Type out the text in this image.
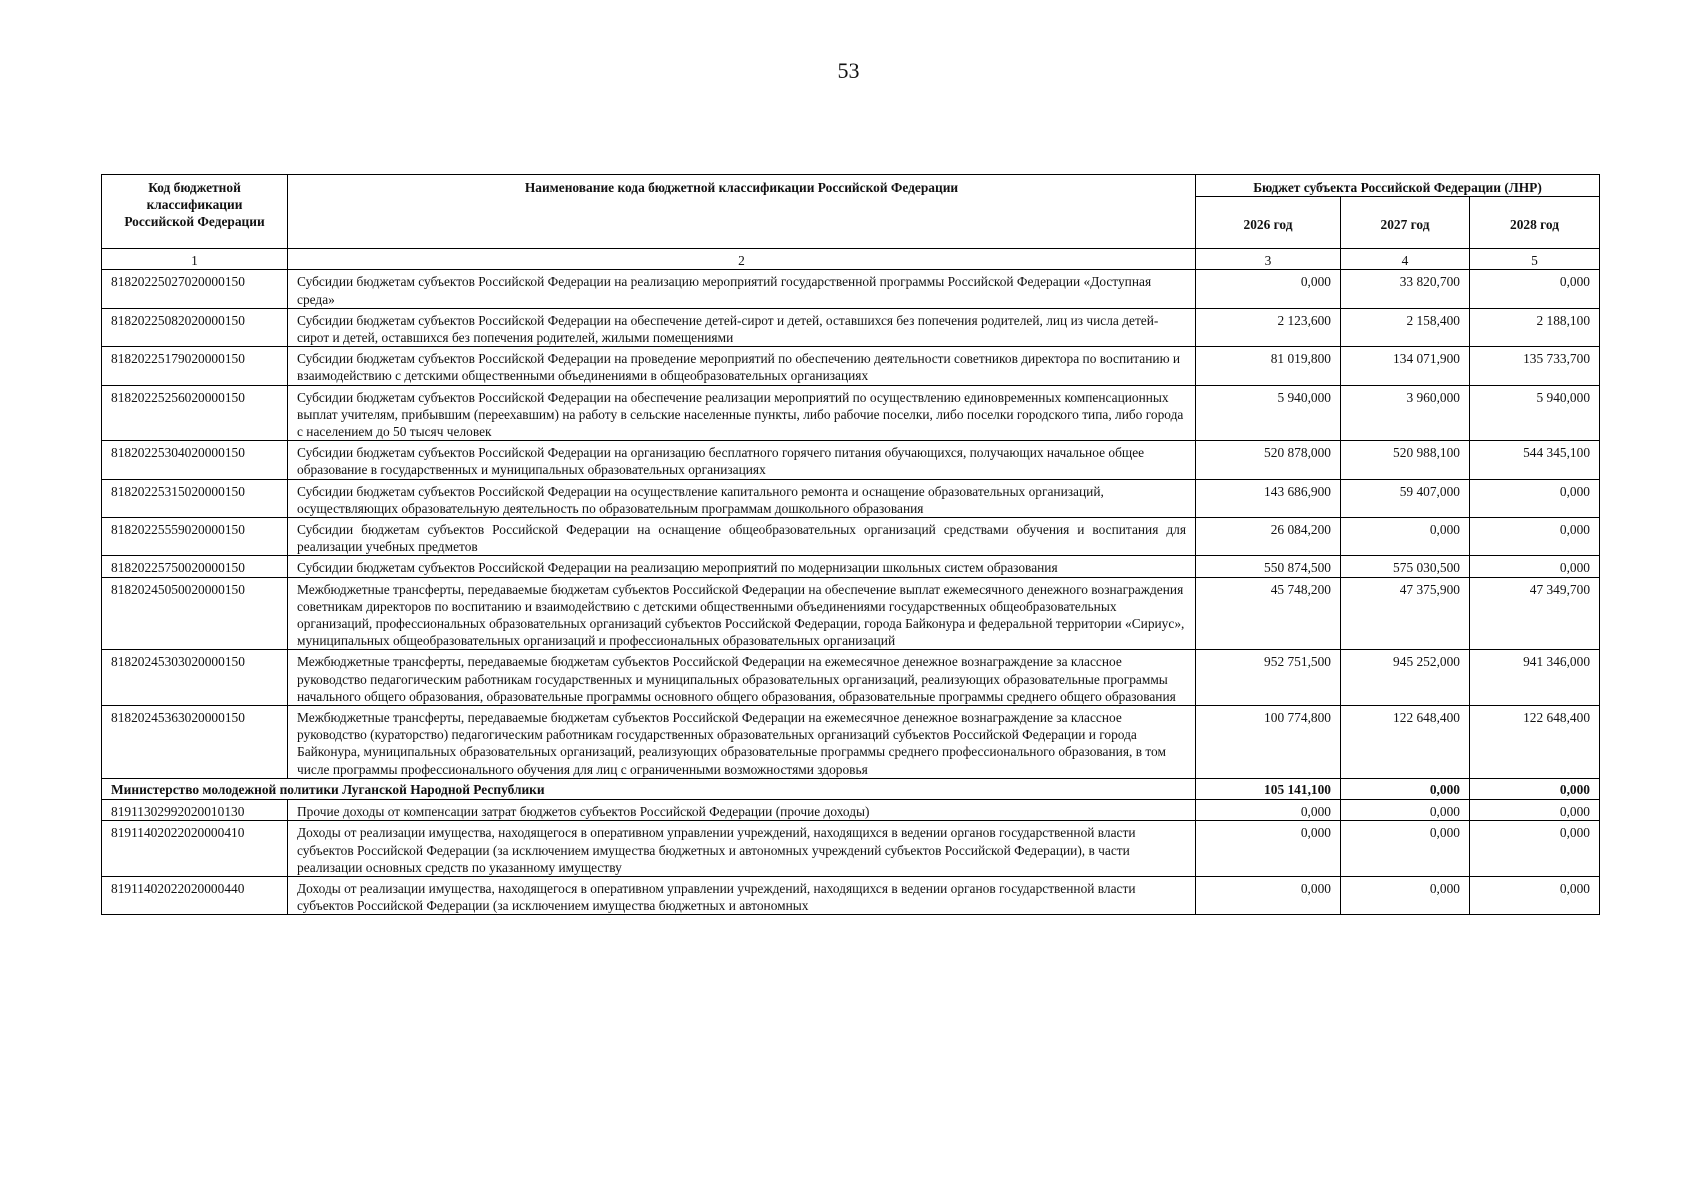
53
Код бюджетной классификации Российской Федерации	Наименование кода бюджетной классификации Российской Федерации	Бюджет субъекта Российской Федерации (ЛНР)		
		2026 год	2027 год	2028 год
1	2	3	4	5
81820225027020000150	Субсидии бюджетам субъектов Российской Федерации на реализацию мероприятий государственной программы Российской Федерации «Доступная среда»	0,000	33 820,700	0,000
81820225082020000150	Субсидии бюджетам субъектов Российской Федерации на обеспечение детей-сирот и детей, оставшихся без попечения родителей, лиц из числа детей-сирот и детей, оставшихся без попечения родителей, жилыми помещениями	2 123,600	2 158,400	2 188,100
81820225179020000150	Субсидии бюджетам субъектов Российской Федерации на проведение мероприятий по обеспечению деятельности советников директора по воспитанию и взаимодействию с детскими общественными объединениями в общеобразовательных организациях	81 019,800	134 071,900	135 733,700
81820225256020000150	Субсидии бюджетам субъектов Российской Федерации на обеспечение реализации мероприятий по осуществлению единовременных компенсационных выплат учителям, прибывшим (переехавшим) на работу в сельские населенные пункты, либо рабочие поселки, либо поселки городского типа, либо города с населением до 50 тысяч человек	5 940,000	3 960,000	5 940,000
81820225304020000150	Субсидии бюджетам субъектов Российской Федерации на организацию бесплатного горячего питания обучающихся, получающих начальное общее образование в государственных и муниципальных образовательных организациях	520 878,000	520 988,100	544 345,100
81820225315020000150	Субсидии бюджетам субъектов Российской Федерации на осуществление капитального ремонта и оснащение образовательных организаций, осуществляющих образовательную деятельность по образовательным программам дошкольного образования	143 686,900	59 407,000	0,000
81820225559020000150	Субсидии бюджетам субъектов Российской Федерации на оснащение общеобразовательных организаций средствами обучения и воспитания для реализации учебных предметов	26 084,200	0,000	0,000
81820225750020000150	Субсидии бюджетам субъектов Российской Федерации на реализацию мероприятий по модернизации школьных систем образования	550 874,500	575 030,500	0,000
81820245050020000150	Межбюджетные трансферты, передаваемые бюджетам субъектов Российской Федерации на обеспечение выплат ежемесячного денежного вознаграждения советникам директоров по воспитанию и взаимодействию с детскими общественными объединениями государственных общеобразовательных организаций, профессиональных образовательных организаций субъектов Российской Федерации, города Байконура и федеральной территории «Сириус», муниципальных общеобразовательных организаций и профессиональных образовательных организаций	45 748,200	47 375,900	47 349,700
81820245303020000150	Межбюджетные трансферты, передаваемые бюджетам субъектов Российской Федерации на ежемесячное денежное вознаграждение за классное руководство педагогическим работникам государственных и муниципальных образовательных организаций, реализующих образовательные программы начального общего образования, образовательные программы основного общего образования, образовательные программы среднего общего образования	952 751,500	945 252,000	941 346,000
81820245363020000150	Межбюджетные трансферты, передаваемые бюджетам субъектов Российской Федерации на ежемесячное денежное вознаграждение за классное руководство (кураторство) педагогическим работникам государственных образовательных организаций субъектов Российской Федерации и города Байконура, муниципальных образовательных организаций, реализующих образовательные программы среднего профессионального образования, в том числе программы профессионального обучения для лиц с ограниченными возможностями здоровья	100 774,800	122 648,400	122 648,400
Министерство молодежной политики Луганской Народной Республики		105 141,100	0,000	0,000
81911302992020010130	Прочие доходы от компенсации затрат бюджетов субъектов Российской Федерации (прочие доходы)	0,000	0,000	0,000
81911402022020000410	Доходы от реализации имущества, находящегося в оперативном управлении учреждений, находящихся в ведении органов государственной власти субъектов Российской Федерации (за исключением имущества бюджетных и автономных учреждений субъектов Российской Федерации), в части реализации основных средств по указанному имуществу	0,000	0,000	0,000
81911402022020000440	Доходы от реализации имущества, находящегося в оперативном управлении учреждений, находящихся в ведении органов государственной власти субъектов Российской Федерации (за исключением имущества бюджетных и автономных	0,000	0,000	0,000
